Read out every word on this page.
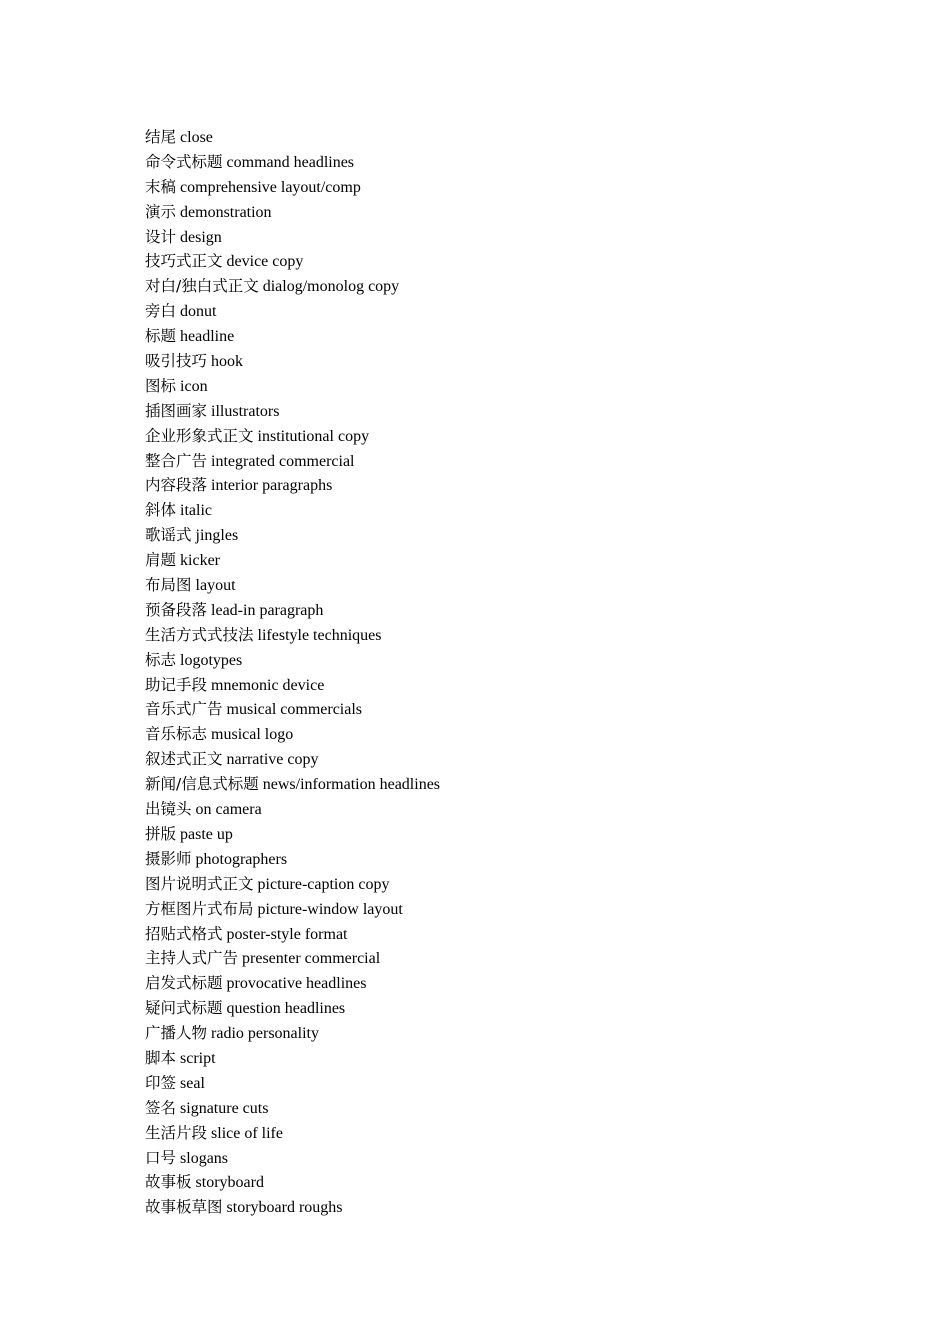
结尾 close
命令式标题 command headlines
末稿 comprehensive layout/comp
演示 demonstration
设计 design
技巧式正文 device copy
对白/独白式正文 dialog/monolog copy
旁白 donut
标题 headline
吸引技巧 hook
图标 icon
插图画家 illustrators
企业形象式正文 institutional copy
整合广告 integrated commercial
内容段落 interior paragraphs
斜体 italic
歌谣式 jingles
肩题 kicker
布局图 layout
预备段落 lead-in paragraph
生活方式式技法 lifestyle techniques
标志 logotypes
助记手段 mnemonic device
音乐式广告 musical commercials
音乐标志 musical logo
叙述式正文 narrative copy
新闻/信息式标题 news/information headlines
出镜头 on camera
拼版 paste up
摄影师 photographers
图片说明式正文 picture-caption copy
方框图片式布局 picture-window layout
招贴式格式 poster-style format
主持人式广告 presenter commercial
启发式标题 provocative headlines
疑问式标题 question headlines
广播人物 radio personality
脚本 script
印签 seal
签名 signature cuts
生活片段 slice of life
口号 slogans
故事板 storyboard
故事板草图 storyboard roughs
